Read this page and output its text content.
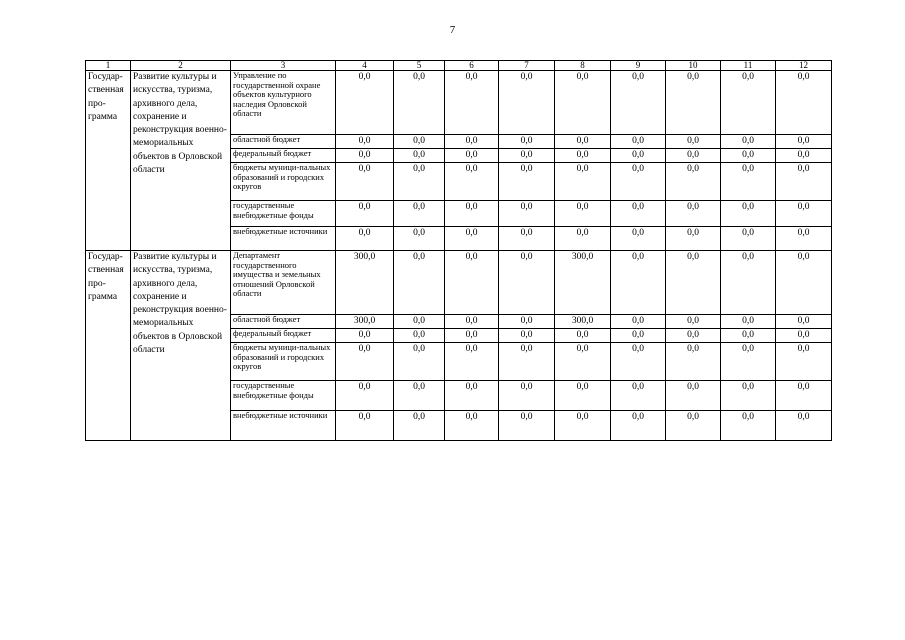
7
1	2	3	4	5	6	7	8	9	10	11	12
Государ-ственная про-грамма	Развитие культуры и искусства, туризма, архивного дела, сохранение и реконструкция военно-мемориальных объектов в Орловской области	Управление по государственной охране объектов культурного наследия Орловской области	0,0	0,0	0,0	0,0	0,0	0,0	0,0	0,0	0,0
		областной бюджет	0,0	0,0	0,0	0,0	0,0	0,0	0,0	0,0	0,0
		федеральный бюджет	0,0	0,0	0,0	0,0	0,0	0,0	0,0	0,0	0,0
		бюджеты муници-пальных образований и городских округов	0,0	0,0	0,0	0,0	0,0	0,0	0,0	0,0	0,0
		государственные внебюджетные фонды	0,0	0,0	0,0	0,0	0,0	0,0	0,0	0,0	0,0
		внебюджетные источники	0,0	0,0	0,0	0,0	0,0	0,0	0,0	0,0	0,0
Государ-ственная про-грамма	Развитие культуры и искусства, туризма, архивного дела, сохранение и реконструкция военно-мемориальных объектов в Орловской области	Департамент государственного имущества и земельных отношений Орловской области	300,0	0,0	0,0	0,0	300,0	0,0	0,0	0,0	0,0
		областной бюджет	300,0	0,0	0,0	0,0	300,0	0,0	0,0	0,0	0,0
		федеральный бюджет	0,0	0,0	0,0	0,0	0,0	0,0	0,0	0,0	0,0
		бюджеты муници-пальных образований и городских округов	0,0	0,0	0,0	0,0	0,0	0,0	0,0	0,0	0,0
		государственные внебюджетные фонды	0,0	0,0	0,0	0,0	0,0	0,0	0,0	0,0	0,0
		внебюджетные источники	0,0	0,0	0,0	0,0	0,0	0,0	0,0	0,0	0,0
